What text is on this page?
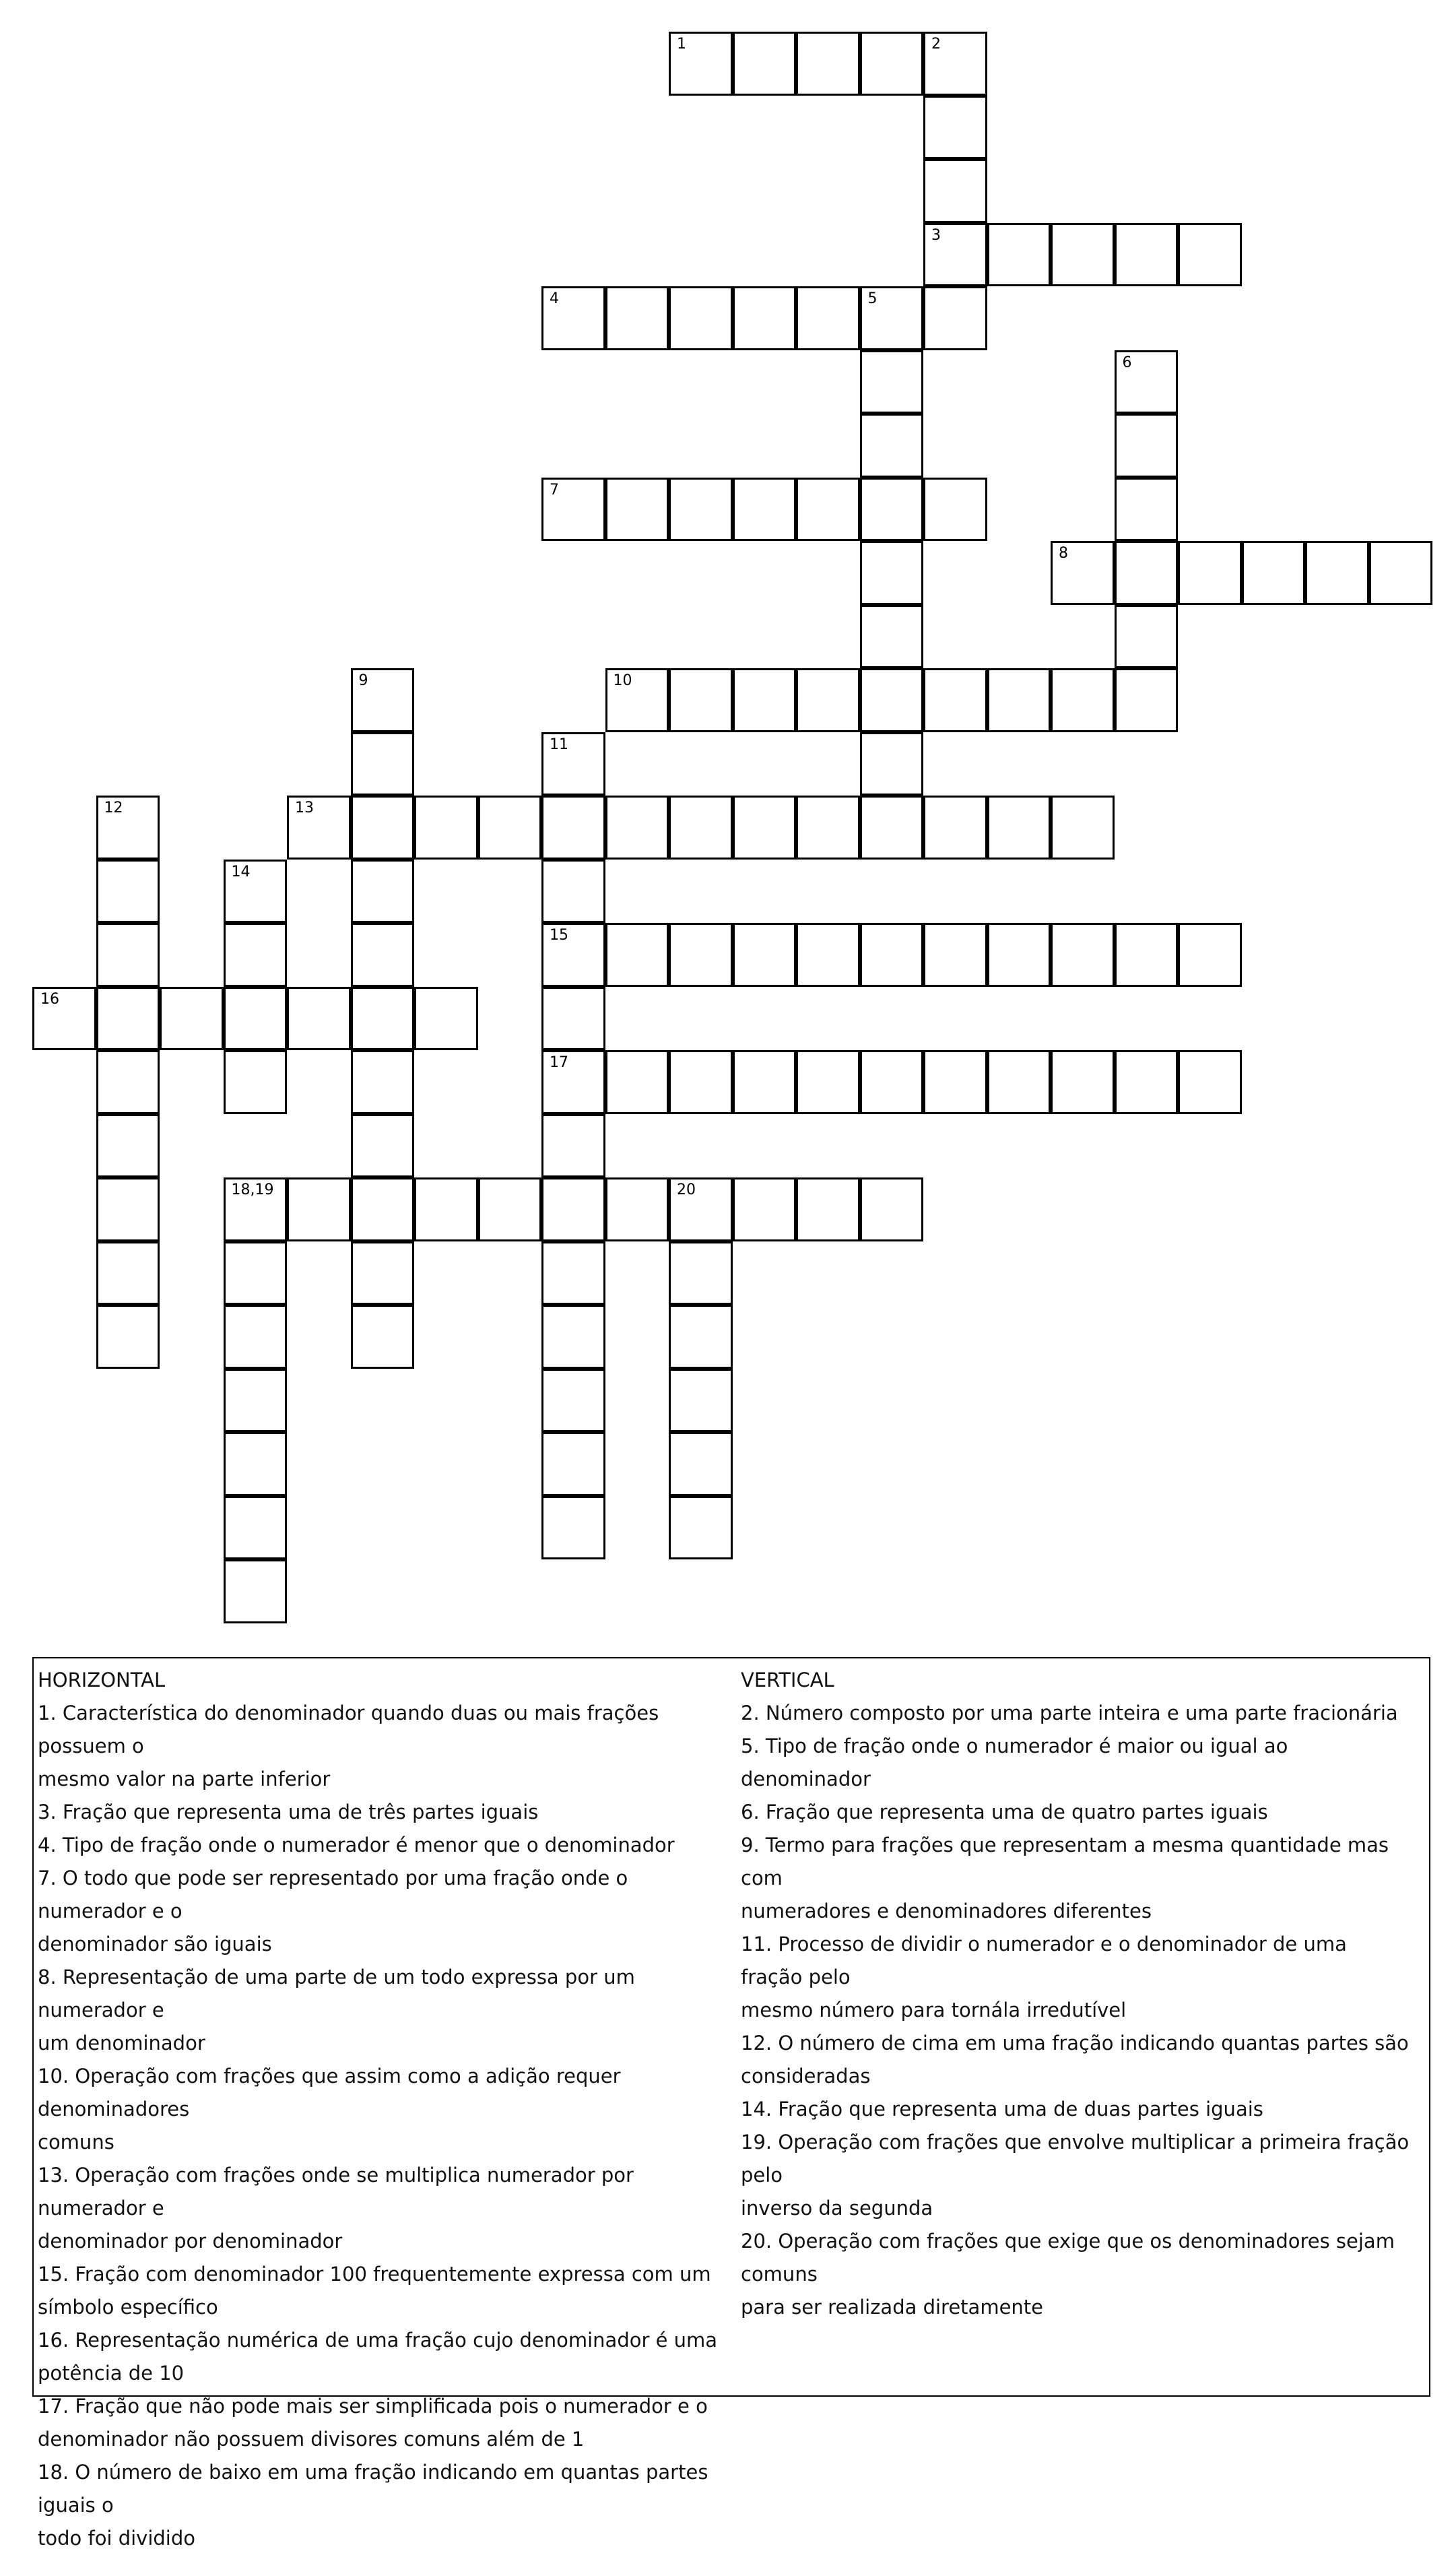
1	2
3
4	5
6
7
8
9	10
11
12	13
14
15
16
17
18,19	20

HORIZONTAL

1. Característica do denominador quando duas ou mais frações possuem o

mesmo valor na parte inferior

3. Fração que representa uma de três partes iguais

4. Tipo de fração onde o numerador é menor que o denominador

7. O todo que pode ser representado por uma fração onde o numerador e o

denominador são iguais

8. Representação de uma parte de um todo expressa por um numerador e

um denominador

10. Operação com frações que assim como a adição requer denominadores

comuns

13. Operação com frações onde se multiplica numerador por numerador e

denominador por denominador

15. Fração com denominador 100 frequentemente expressa com um

símbolo específico

16. Representação numérica de uma fração cujo denominador é uma

potência de 10

17. Fração que não pode mais ser simplificada pois o numerador e o

denominador não possuem divisores comuns além de 1

18. O número de baixo em uma fração indicando em quantas partes iguais o

todo foi dividido

VERTICAL

2. Número composto por uma parte inteira e uma parte fracionária

5. Tipo de fração onde o numerador é maior ou igual ao denominador

6. Fração que representa uma de quatro partes iguais

9. Termo para frações que representam a mesma quantidade mas com

numeradores e denominadores diferentes

11. Processo de dividir o numerador e o denominador de uma fração pelo

mesmo número para tornála irredutível

12. O número de cima em uma fração indicando quantas partes são

consideradas

14. Fração que representa uma de duas partes iguais

19. Operação com frações que envolve multiplicar a primeira fração pelo

inverso da segunda

20. Operação com frações que exige que os denominadores sejam comuns

para ser realizada diretamente
